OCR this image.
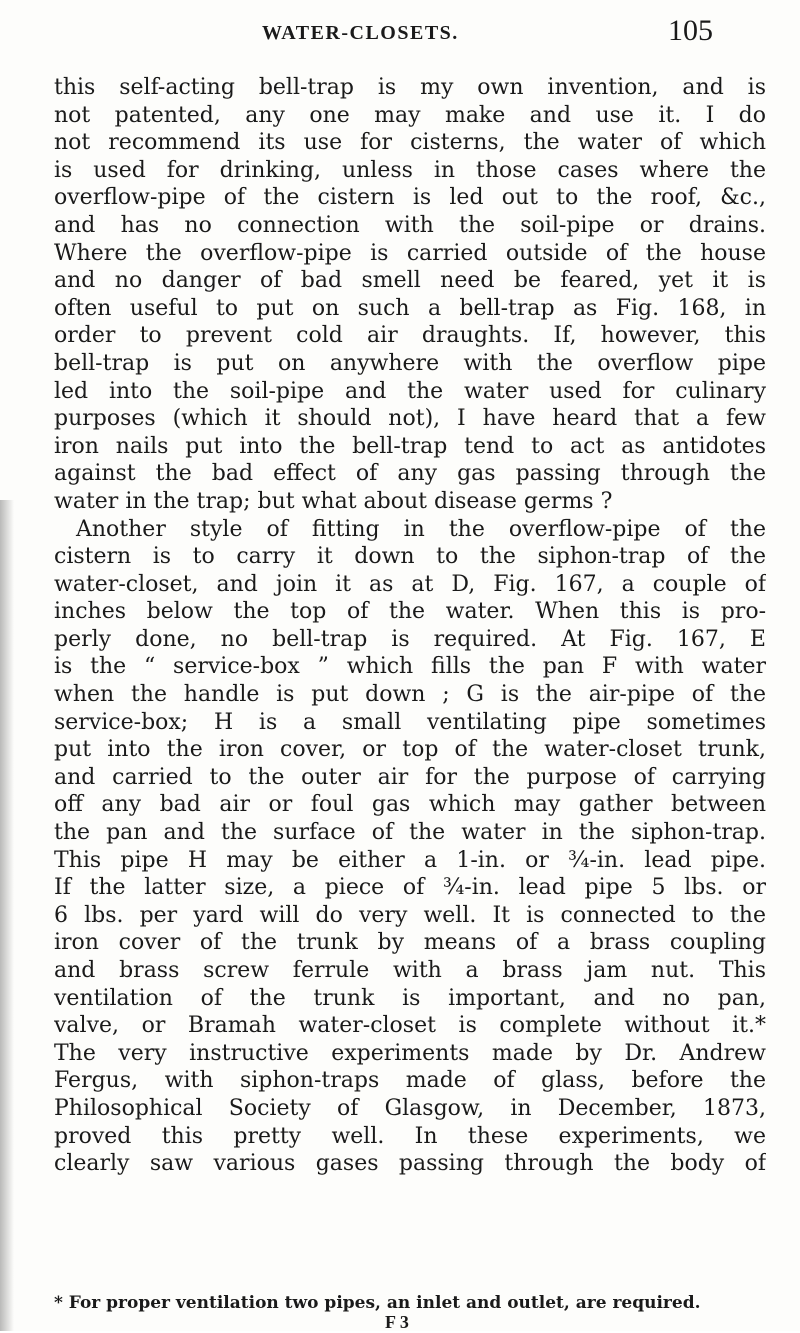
WATER-CLOSETS.	105
this self-acting bell-trap is my own invention, and is
not patented, any one may make and use it. I do
not recommend its use for cisterns, the water of which
is used for drinking, unless in those cases where the
overflow-pipe of the cistern is led out to the roof, &c.,
and has no connection with the soil-pipe or drains.
Where the overflow-pipe is carried outside of the house
and no danger of bad smell need be feared, yet it is
often useful to put on such a bell-trap as Fig. 168, in
order to prevent cold air draughts. If, however, this
bell-trap is put on anywhere with the overflow pipe
led into the soil-pipe and the water used for culinary
purposes (which it should not), I have heard that a few
iron nails put into the bell-trap tend to act as antidotes
against the bad effect of any gas passing through the
water in the trap; but what about disease germs ?
Another style of fitting in the overflow-pipe of the
cistern is to carry it down to the siphon-trap of the
water-closet, and join it as at D, Fig. 167, a couple of
inches below the top of the water. When this is pro-
perly done, no bell-trap is required. At Fig. 167, E
is the “ service-box ” which fills the pan F with water
when the handle is put down ; G is the air-pipe of the
service-box; H is a small ventilating pipe sometimes
put into the iron cover, or top of the water-closet trunk,
and carried to the outer air for the purpose of carrying
off any bad air or foul gas which may gather between
the pan and the surface of the water in the siphon-trap.
This pipe H may be either a 1-in. or ¾-in. lead pipe.
If the latter size, a piece of ¾-in. lead pipe 5 lbs. or
6 lbs. per yard will do very well. It is connected to the
iron cover of the trunk by means of a brass coupling
and brass screw ferrule with a brass jam nut. This
ventilation of the trunk is important, and no pan,
valve, or Bramah water-closet is complete without it.*
The very instructive experiments made by Dr. Andrew
Fergus, with siphon-traps made of glass, before the
Philosophical Society of Glasgow, in December, 1873,
proved this pretty well. In these experiments, we
clearly saw various gases passing through the body of
* For proper ventilation two pipes, an inlet and outlet, are required.
F 3
